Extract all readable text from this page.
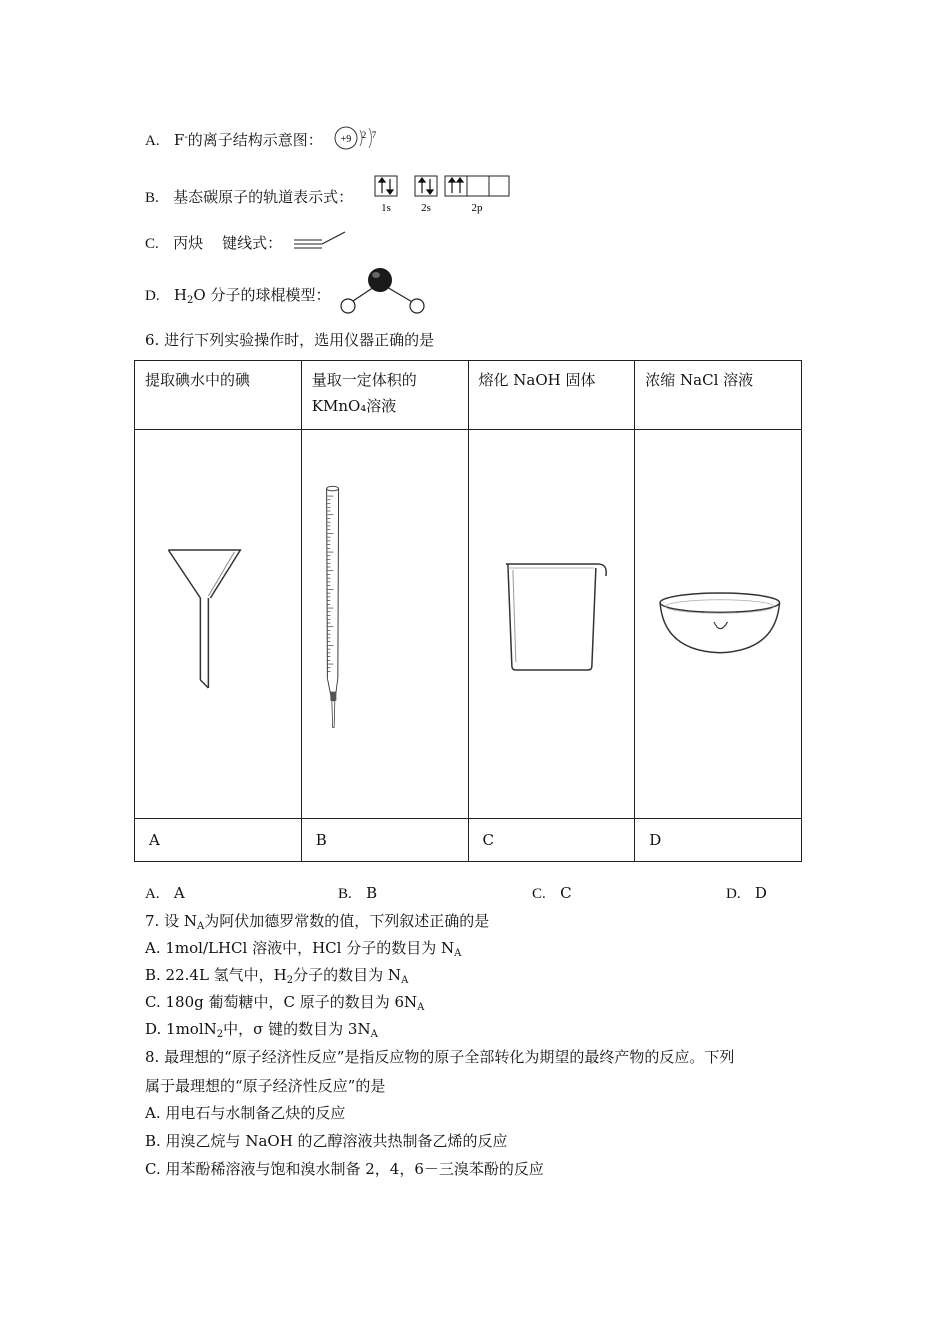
A. F-的离子结构示意图： +9 2 7
B. 基态碳原子的轨道表示式：
1s	2s	2p
C. 丙炔 键线式：
D. $H_2O$ 分子的球棍模型：
6. 进行下列实验操作时，选用仪器正确的是
提取碘水中的碘	量取一定体积的 KMnO₄溶液	熔化 NaOH 固体	浓缩 NaCl 溶液

A	B	C	D
A. A	B. B	C. C	D. D
7. 设 $N_A$为阿伏加德罗常数的值，下列叙述正确的是
A. 1mol/LHCl 溶液中，HCl 分子的数目为 $N_A$
B. 22.4L 氢气中，$H_2$分子的数目为 $N_A$
C. 180g 葡萄糖中，C 原子的数目为 $6N_A$
D. 1molN$_2$中，σ 键的数目为 $3N_A$
8. 最理想的“原子经济性反应”是指反应物的原子全部转化为期望的最终产物的反应。下列
属于最理想的“原子经济性反应”的是
A. 用电石与水制备乙炔的反应
B. 用溴乙烷与 NaOH 的乙醇溶液共热制备乙烯的反应
C. 用苯酚稀溶液与饱和溴水制备 2，4，6－三溴苯酚的反应
